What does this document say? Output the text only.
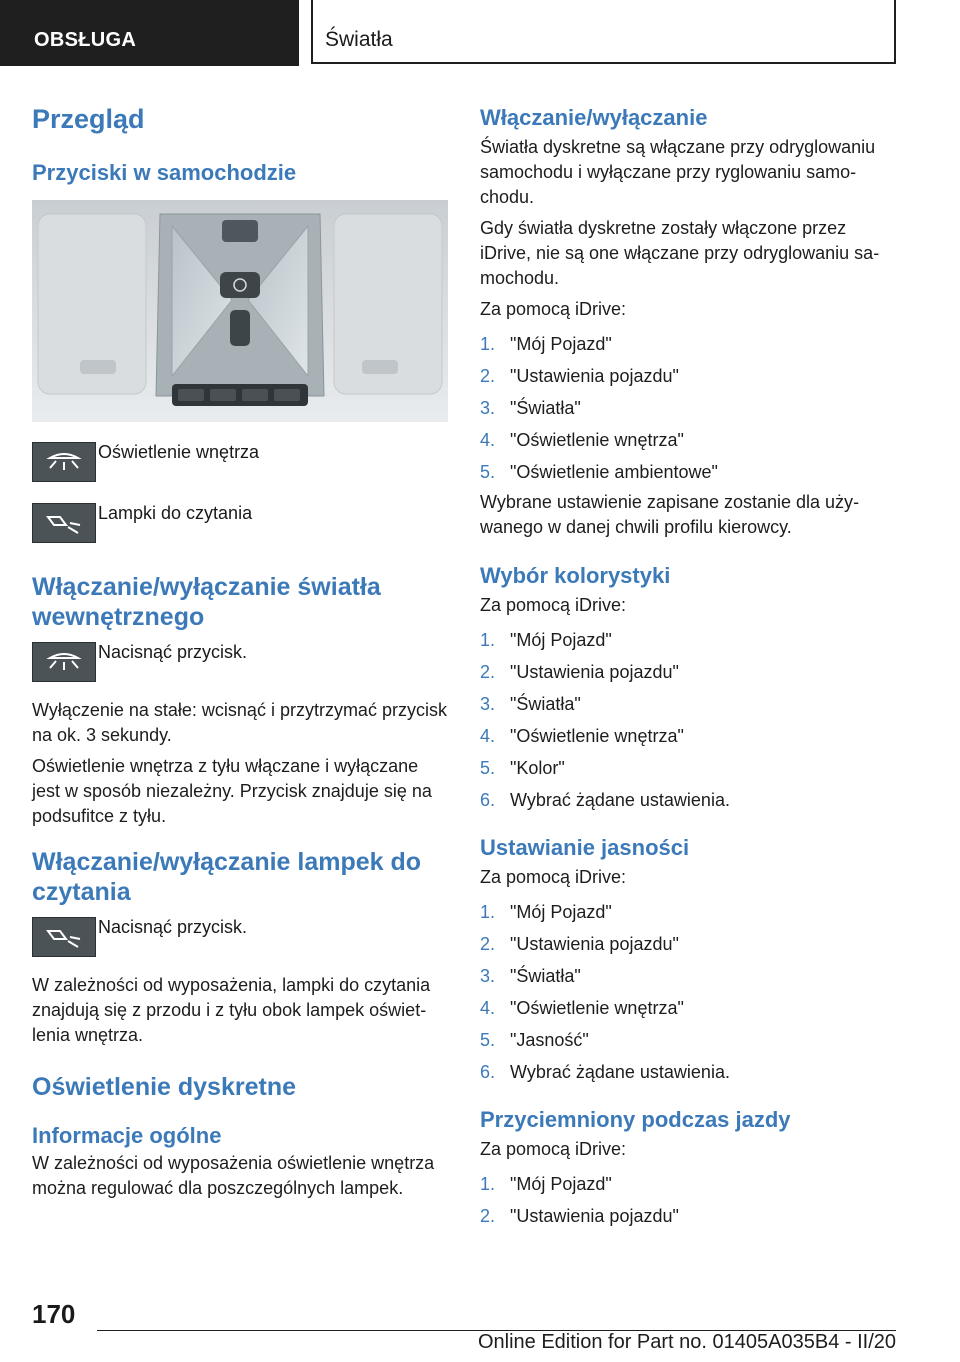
OBSŁUGA	Światła
Przegląd
Przyciski w samochodzie
Oświetlenie wnętrza
Lampki do czytania
Włączanie/wyłączanie światła wewnętrznego
Nacisnąć przycisk.

Wyłączenie na stałe: wcisnąć i przytrzymać przycisk na ok. 3 sekundy.

Oświetlenie wnętrza z tyłu włączane i wyłączane jest w sposób niezależny. Przycisk znajduje się na podsufitce z tyłu.

Włączanie/wyłączanie lampek do czytania
Nacisnąć przycisk.

W zależności od wyposażenia, lampki do czytania znajdują się z przodu i z tyłu obok lampek oświetlenia wnętrza.

Oświetlenie dyskretne
Informacje ogólne

W zależności od wyposażenia oświetlenie wnętrza można regulować dla poszczególnych lampek.

Włączanie/wyłączanie

Światła dyskretne są włączane przy odryglowaniu samochodu i wyłączane przy ryglowaniu samochodu.

Gdy światła dyskretne zostały włączone przez iDrive, nie są one włączane przy odryglowaniu samochodu.

Za pomocą iDrive:

1. "Mój Pojazd"
2. "Ustawienia pojazdu"
3. "Światła"
4. "Oświetlenie wnętrza"
5. "Oświetlenie ambientowe"

Wybrane ustawienie zapisane zostanie dla używanego w danej chwili profilu kierowcy.

Wybór kolorystyki

Za pomocą iDrive:

1. "Mój Pojazd"
2. "Ustawienia pojazdu"
3. "Światła"
4. "Oświetlenie wnętrza"
5. "Kolor"
6. Wybrać żądane ustawienia.
Ustawianie jasności

Za pomocą iDrive:

1. "Mój Pojazd"
2. "Ustawienia pojazdu"
3. "Światła"
4. "Oświetlenie wnętrza"
5. "Jasność"
6. Wybrać żądane ustawienia.
Przyciemniony podczas jazdy

Za pomocą iDrive:

1. "Mój Pojazd"
2. "Ustawienia pojazdu"
170
Online Edition for Part no. 01405A035B4 - II/20
